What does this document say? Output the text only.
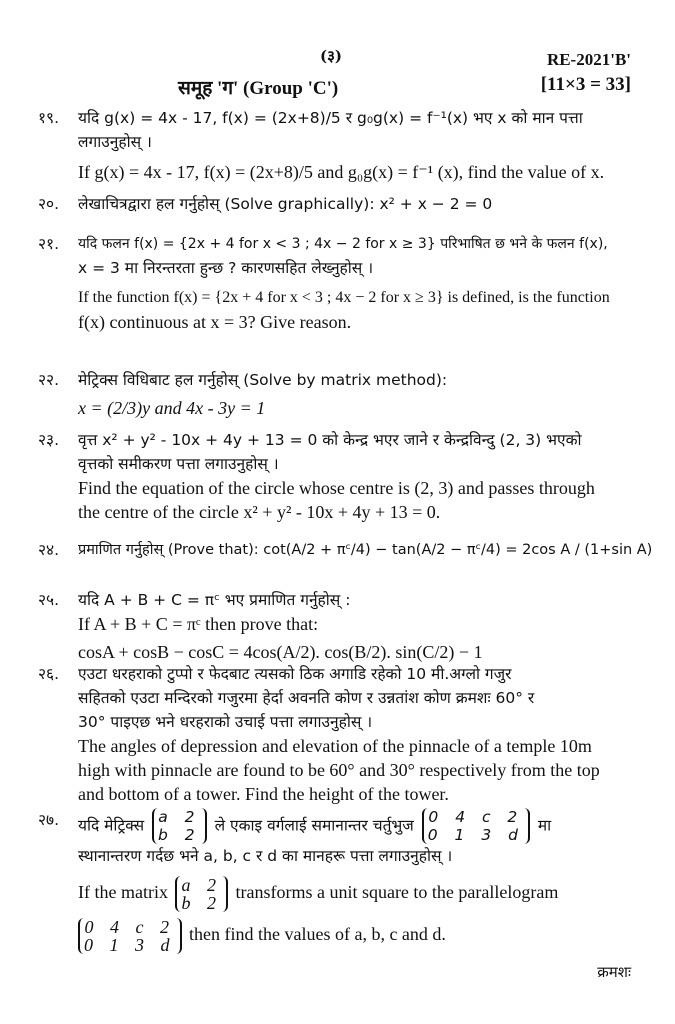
(३)	RE-2021'B'
समूह 'ग' (Group 'C')	[11×3 = 33]
१९.	यदि g(x) = 4x - 17, f(x) = (2x+8)/5 र g₀g(x) = f⁻¹(x) भए x को मान पत्ता
लगाउनुहोस् ।
If g(x) = 4x - 17, f(x) = (2x+8)/5 and g₀g(x) = f⁻¹ (x), find the value of x.
२०.	लेखाचित्रद्वारा हल गर्नुहोस् (Solve graphically): x² + x − 2 = 0
२१.	यदि फलन f(x) = {2x + 4 for x < 3 ; 4x − 2 for x ≥ 3} परिभाषित छ भने के फलन f(x),
x = 3 मा निरन्तरता हुन्छ ? कारणसहित लेख्नुहोस् ।
If the function f(x) = {2x + 4 for x < 3 ; 4x − 2 for x ≥ 3} is defined, is the function
f(x) continuous at x = 3? Give reason.
२२.	मेट्रिक्स विधिबाट हल गर्नुहोस् (Solve by matrix method):
x = (2/3)y and 4x - 3y = 1
२३.	वृत्त x² + y² - 10x + 4y + 13 = 0 को केन्द्र भएर जाने र केन्द्रविन्दु (2, 3) भएको
वृत्तको समीकरण पत्ता लगाउनुहोस् ।
Find the equation of the circle whose centre is (2, 3) and passes through
the centre of the circle x² + y² - 10x + 4y + 13 = 0.
२४.	प्रमाणित गर्नुहोस् (Prove that): cot(A/2 + πᶜ/4) − tan(A/2 − πᶜ/4) = 2cos A / (1+sin A)
२५.	यदि A + B + C = πᶜ भए प्रमाणित गर्नुहोस् :
If A + B + C = πᶜ then prove that:
cosA + cosB − cosC = 4cos(A/2). cos(B/2). sin(C/2) − 1
२६.	एउटा धरहराको टुप्पो र फेदबाट त्यसको ठिक अगाडि रहेको 10 मी.अग्लो गजुर
सहितको एउटा मन्दिरको गजुरमा हेर्दा अवनति कोण र उन्नतांश कोण क्रमशः 60° र
30° पाइएछ भने धरहराको उचाई पत्ता लगाउनुहोस् ।
The angles of depression and elevation of the pinnacle of a temple 10m
high with pinnacle are found to be 60° and 30° respectively from the top
and bottom of a tower. Find the height of the tower.
२७.	यदि मेट्रिक्स a 2
b 2
ले एकाइ वर्गलाई समानान्तर चर्तुभुज 0 4 c 2
0 1 3 d
मा
स्थानान्तरण गर्दछ भने a, b, c र d का मानहरू पत्ता लगाउनुहोस् ।
If the matrix a 2
b 2
transforms a unit square to the parallelogram
0 4 c 2
0 1 3 d
then find the values of a, b, c and d.
क्रमशः
